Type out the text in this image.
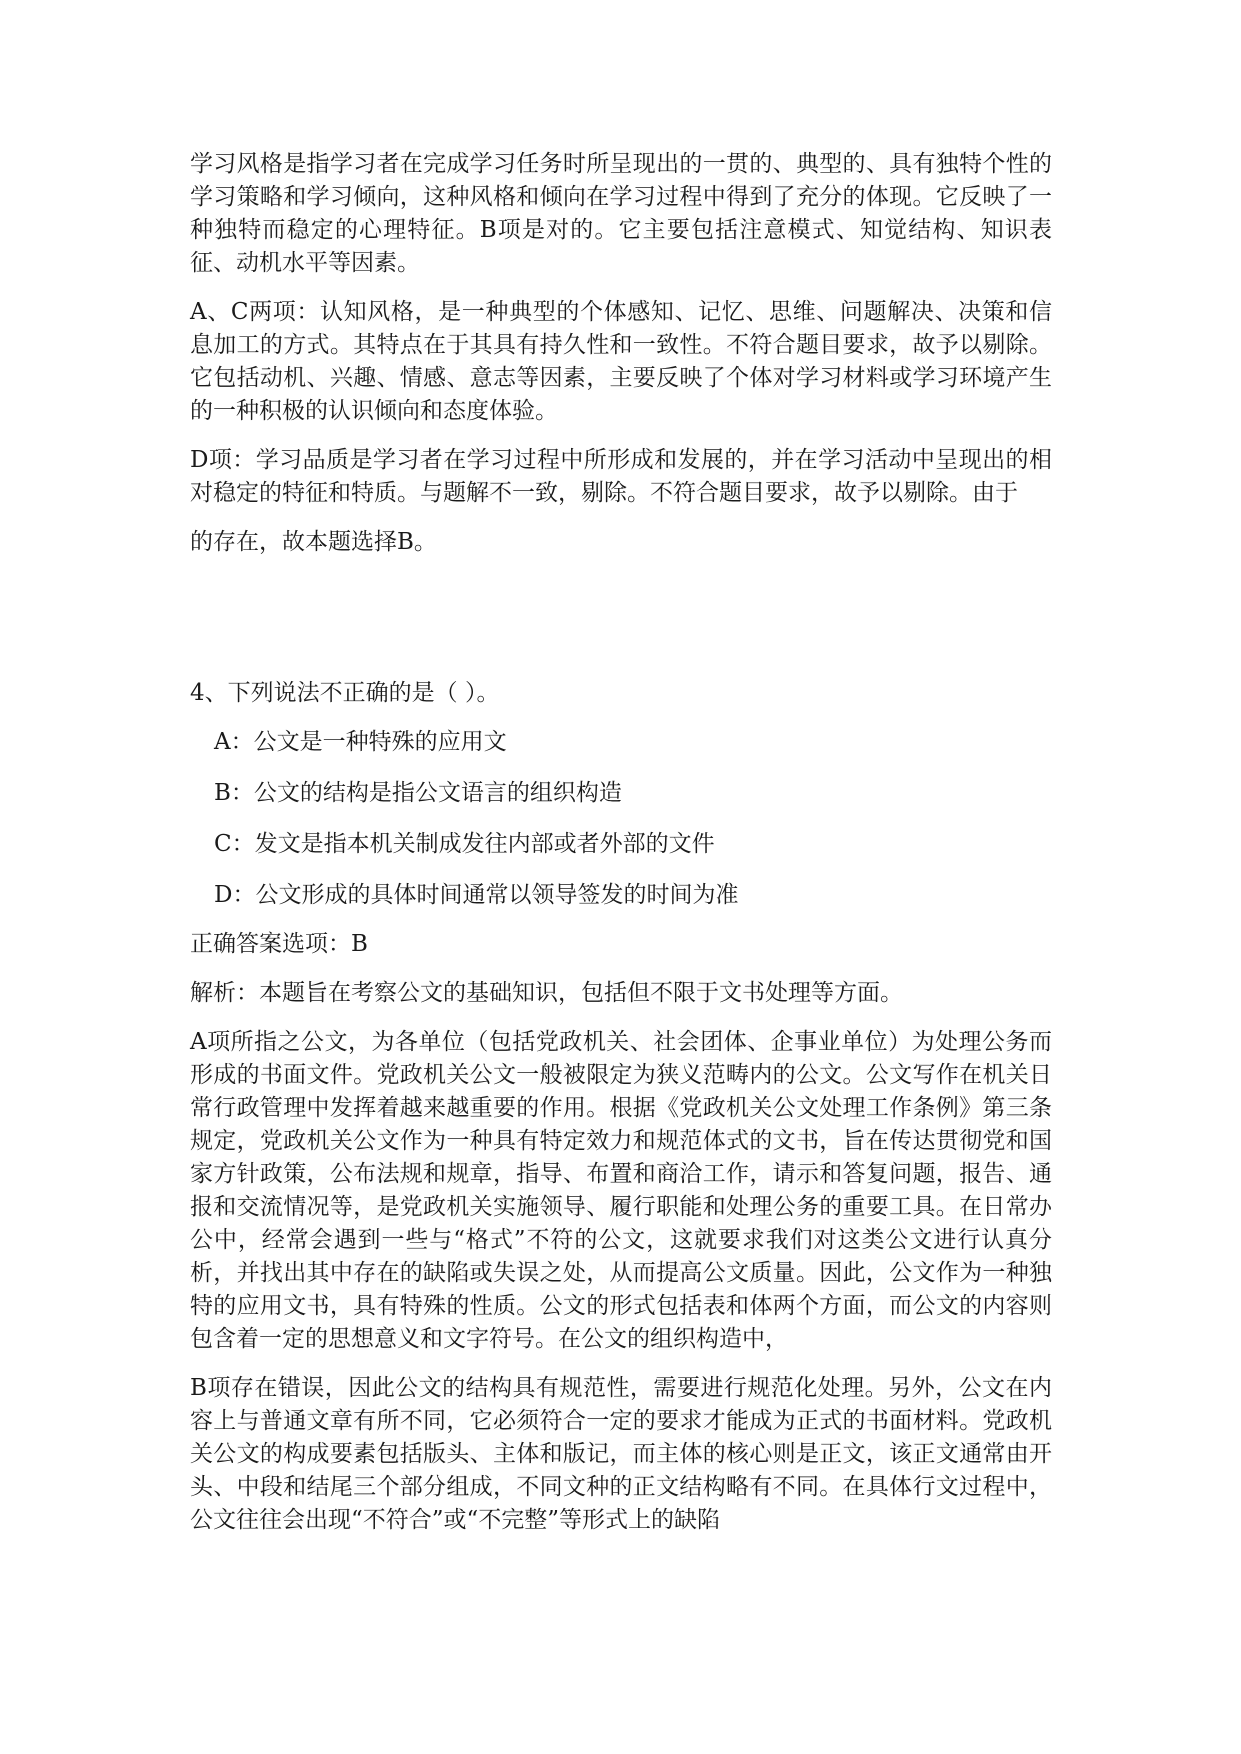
学习风格是指学习者在完成学习任务时所呈现出的一贯的、典型的、具有独特个性的学习策略和学习倾向，这种风格和倾向在学习过程中得到了充分的体现。它反映了一种独特而稳定的心理特征。B项是对的。它主要包括注意模式、知觉结构、知识表征、动机水平等因素。

A、C两项：认知风格，是一种典型的个体感知、记忆、思维、问题解决、决策和信息加工的方式。其特点在于其具有持久性和一致性。不符合题目要求，故予以剔除。它包括动机、兴趣、情感、意志等因素，主要反映了个体对学习材料或学习环境产生的一种积极的认识倾向和态度体验。

D项：学习品质是学习者在学习过程中所形成和发展的，并在学习活动中呈现出的相对稳定的特征和特质。与题解不一致，剔除。不符合题目要求，故予以剔除。由于

的存在，故本题选择B。

4、下列说法不正确的是（ ）。

A：公文是一种特殊的应用文
B：公文的结构是指公文语言的组织构造
C：发文是指本机关制成发往内部或者外部的文件
D：公文形成的具体时间通常以领导签发的时间为准

正确答案选项：B

解析：本题旨在考察公文的基础知识，包括但不限于文书处理等方面。

A项所指之公文，为各单位（包括党政机关、社会团体、企事业单位）为处理公务而形成的书面文件。党政机关公文一般被限定为狭义范畴内的公文。公文写作在机关日常行政管理中发挥着越来越重要的作用。根据《党政机关公文处理工作条例》第三条规定，党政机关公文作为一种具有特定效力和规范体式的文书，旨在传达贯彻党和国家方针政策，公布法规和规章，指导、布置和商洽工作，请示和答复问题，报告、通报和交流情况等，是党政机关实施领导、履行职能和处理公务的重要工具。在日常办公中，经常会遇到一些与“格式”不符的公文，这就要求我们对这类公文进行认真分析，并找出其中存在的缺陷或失误之处，从而提高公文质量。因此，公文作为一种独特的应用文书，具有特殊的性质。公文的形式包括表和体两个方面，而公文的内容则包含着一定的思想意义和文字符号。在公文的组织构造中，

B项存在错误，因此公文的结构具有规范性，需要进行规范化处理。另外，公文在内容上与普通文章有所不同，它必须符合一定的要求才能成为正式的书面材料。党政机关公文的构成要素包括版头、主体和版记，而主体的核心则是正文，该正文通常由开头、中段和结尾三个部分组成，不同文种的正文结构略有不同。在具体行文过程中，公文往往会出现“不符合”或“不完整”等形式上的缺陷
